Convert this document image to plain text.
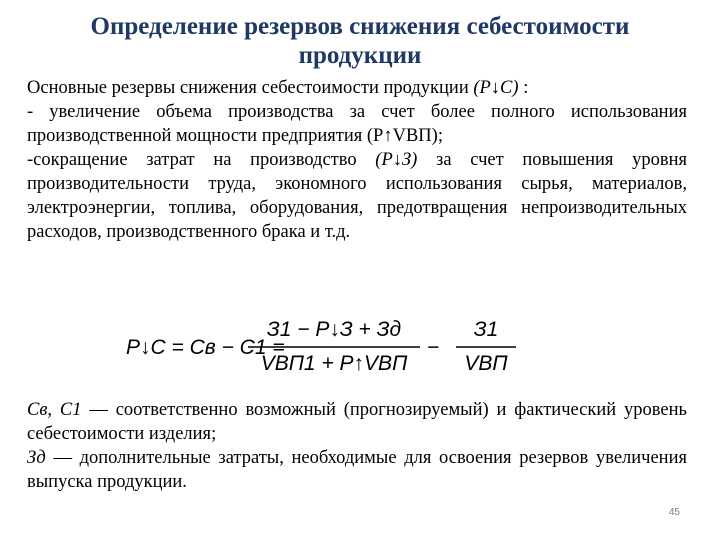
Определение резервов снижения себестоимости продукции

Основные резервы снижения себестоимости продукции (Р↓С) :

- увеличение объема производства за счет более полного использования производственной мощности предприятия (Р↑VВП);

-сокращение затрат на производство (Р↓З) за счет повышения уровня производительности труда, экономного использования сырья, материалов, электроэнергии, топлива, оборудования, предотвращения непроизводительных расходов, производственного брака и т.д.

P↓C = Cв − C1 =
З1 − P↓З + Зд
VВП1 + P↑VВП
−
З1
VВП

Св, С1 — соответственно возможный (прогнозируемый) и фактический уровень себестоимости изделия;

Зд — дополнительные затраты, необходимые для освоения резервов увеличения выпуска продукции.

45
